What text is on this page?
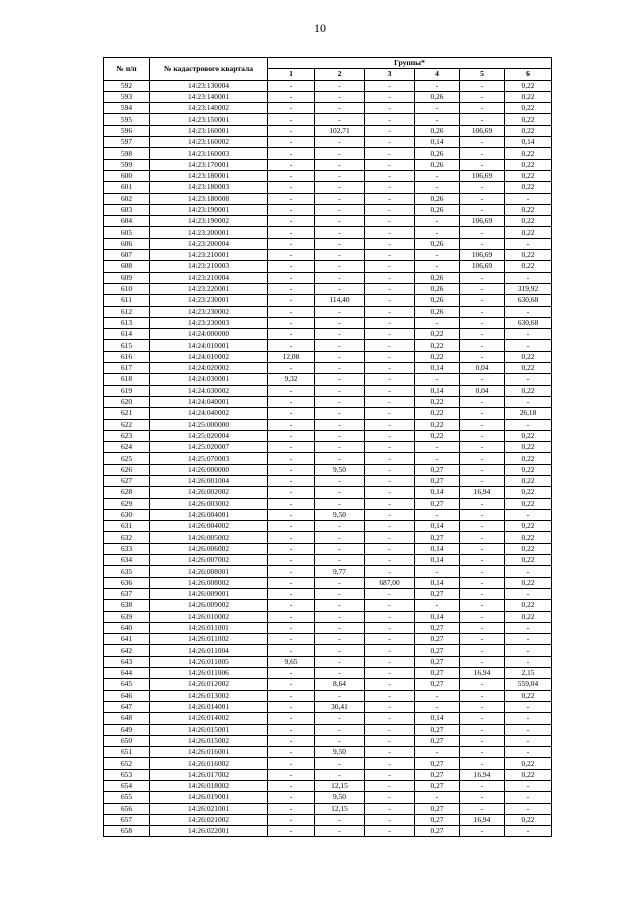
10
№ п/п	№ кадастрового квартала	Группы*					
		1	2	3	4	5	6
592	14:23:130004	-	-	-	-	-	0,22
593	14:23:140001	-	-	-	0,26	-	0,22
594	14:23:140002	-	-	-	-	-	0,22
595	14:23:150001	-	-	-	-	-	0,22
596	14:23:160001	-	102,71	-	0,26	106,69	0,22
597	14:23:160002	-	-	-	0,14	-	0,14
598	14:23:160003	-	-	-	0,26	-	0,22
599	14:23:170001	-	-	-	0,26	-	0,22
600	14:23:180001	-	-	-	-	106,69	0,22
601	14:23:180003	-	-	-	-	-	0,22
602	14:23:180008	-	-	-	0,26	-	-
603	14:23:190001	-	-	-	0,26	-	0,22
604	14:23:190002	-	-	-	-	106,69	0,22
605	14:23:200001	-	-	-	-	-	0,22
606	14:23:200004	-	-	-	0,26	-	-
607	14:23:210001	-	-	-	-	106,69	0,22
608	14:23:210003	-	-	-	-	106,69	0,22
609	14:23:210004	-	-	-	0,26	-	-
610	14:23:220001	-	-	-	0,26	-	319,92
611	14:23:230001	-	114,40	-	0,26	-	630,68
612	14:23:230002	-	-	-	0,26	-	-
613	14:23:230003	-	-	-	-	-	630,68
614	14:24:000000	-	-	-	0,22	-	-
615	14:24:010001	-	-	-	0,22	-	-
616	14:24:010002	12,08	-	-	0,22	-	0,22
617	14:24:020002	-	-	-	0,14	0,04	0,22
618	14:24:030001	9,32	-	-	-	-	-
619	14:24:030002	-	-	-	0,14	0,04	0,22
620	14:24:040001	-	-	-	0,22	-	-
621	14:24:040002	-	-	-	0,22	-	26,18
622	14:25:000000	-	-	-	0,22	-	-
623	14:25:020004	-	-	-	0,22	-	0,22
624	14:25:020007	-	-	-	-	-	0,22
625	14:25:070003	-	-	-	-	-	0,22
626	14:26:000000	-	9,50	-	0,27	-	0,22
627	14:26:001004	-	-	-	0,27	-	0,22
628	14:26:002002	-	-	-	0,14	16,94	0,22
629	14:26:003002	-	-	-	0,27	-	0,22
630	14:26:004001	-	9,50	-	-	-	-
631	14:26:004002	-	-	-	0,14	-	0,22
632	14:26:005002	-	-	-	0,27	-	0,22
633	14:26:006002	-	-	-	0,14	-	0,22
634	14:26:007002	-	-	-	0,14	-	0,22
635	14:26:008001	-	9,77	-	-	-	-
636	14:26:008002	-	-	687,00	0,14	-	0,22
637	14:26:009001	-	-	-	0,27	-	-
638	14:26:009002	-	-	-	-	-	0,22
639	14:26:010002	-	-	-	0,14	-	0,22
640	14:26:011001	-	-	-	0,27	-	-
641	14:26:011002	-	-	-	0,27	-	-
642	14:26:011004	-	-	-	0,27	-	-
643	14:26:011005	9,65	-	-	0,27	-	-
644	14:26:011006	-	-	-	0,27	16,94	2,15
645	14:26:012002	-	8,64	-	0,27	-	559,04
646	14:26:013002	-	-	-	-	-	0,22
647	14:26:014001	-	30,41	-	-	-	-
648	14:26:014002	-	-	-	0,14	-	-
649	14:26:015001	-	-	-	0,27	-	-
650	14:26:015002	-	-	-	0,27	-	-
651	14:26:016001	-	9,50	-	-	-	-
652	14:26:016002	-	-	-	0,27	-	0,22
653	14:26:017002	-	-	-	0,27	16,94	0,22
654	14:26:018002	-	12,15	-	0,27	-	-
655	14:26:019001	-	9,50	-	-	-	-
656	14:26:021001	-	12,15	-	0,27	-	-
657	14:26:021002	-	-	-	0,27	16,94	0,22
658	14:26:022001	-	-	-	0,27	-	-
